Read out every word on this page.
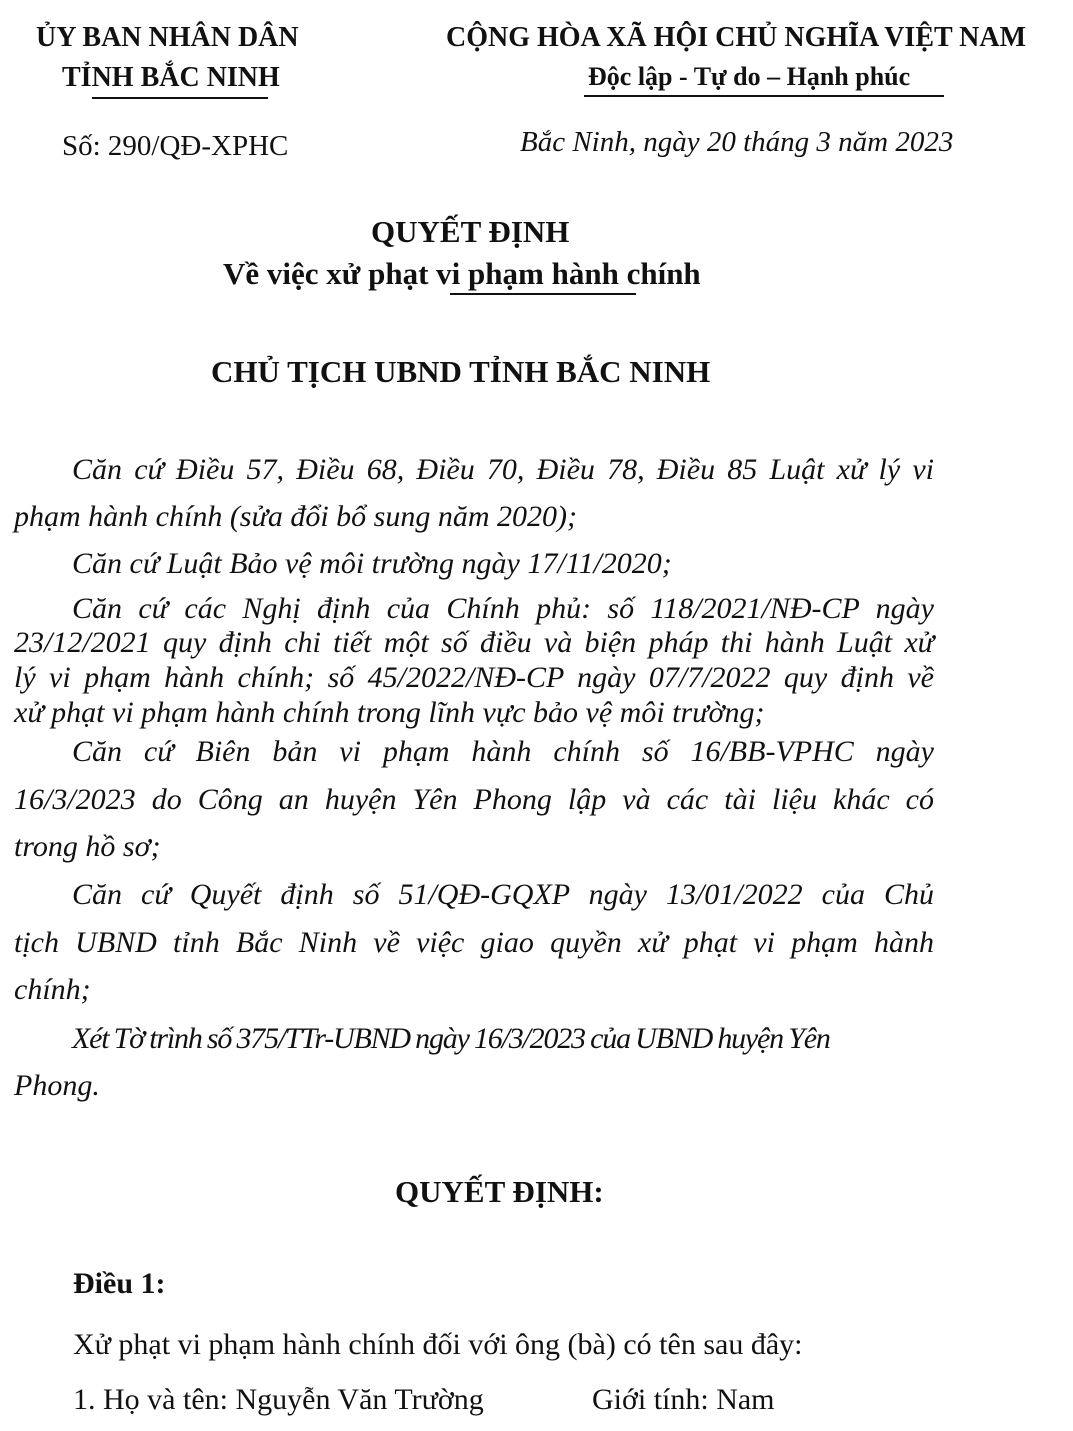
ỦY BAN NHÂN DÂN
TỈNH BẮC NINH
CỘNG HÒA XÃ HỘI CHỦ NGHĨA VIỆT NAM
Độc lập - Tự do – Hạnh phúc
Số: 290/QĐ-XPHC	Bắc Ninh, ngày 20 tháng 3 năm 2023
QUYẾT ĐỊNH
Về việc xử phạt vi phạm hành chính
CHỦ TỊCH UBND TỈNH BẮC NINH
Căn cứ Điều 57, Điều 68, Điều 70, Điều 78, Điều 85 Luật xử lý vi
phạm hành chính (sửa đổi bổ sung năm 2020);
Căn cứ Luật Bảo vệ môi trường ngày 17/11/2020;
Căn cứ các Nghị định của Chính phủ: số 118/2021/NĐ-CP ngày
23/12/2021 quy định chi tiết một số điều và biện pháp thi hành Luật xử
lý vi phạm hành chính; số 45/2022/NĐ-CP ngày 07/7/2022 quy định về
xử phạt vi phạm hành chính trong lĩnh vực bảo vệ môi trường;
Căn cứ Biên bản vi phạm hành chính số 16/BB-VPHC ngày
16/3/2023 do Công an huyện Yên Phong lập và các tài liệu khác có
trong hồ sơ;
Căn cứ Quyết định số 51/QĐ-GQXP ngày 13/01/2022 của Chủ
tịch UBND tỉnh Bắc Ninh về việc giao quyền xử phạt vi phạm hành
chính;
Xét Tờ trình số 375/TTr-UBND ngày 16/3/2023 của UBND huyện Yên
Phong.
QUYẾT ĐỊNH:
Điều 1:
Xử phạt vi phạm hành chính đối với ông (bà) có tên sau đây:
1. Họ và tên: Nguyễn Văn Trường	Giới tính: Nam
